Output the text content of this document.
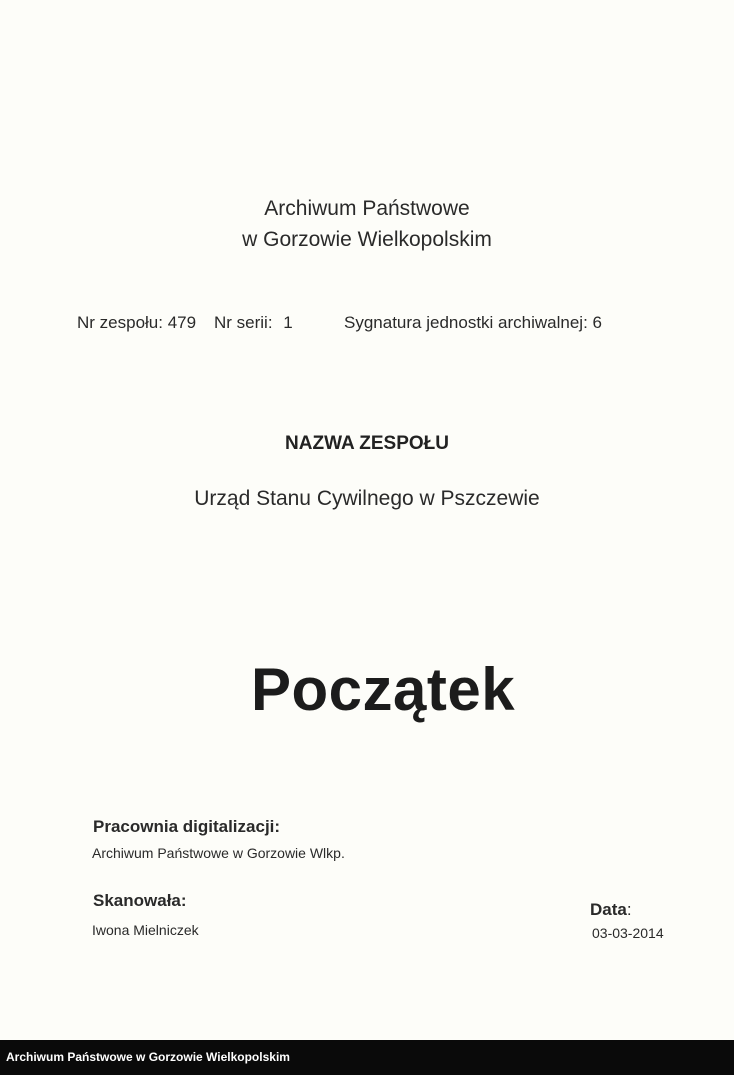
Archiwum Państwowe
w Gorzowie Wielkopolskim
Nr zespołu: 479 Nr serii: 1	Sygnatura jednostki archiwalnej: 6
NAZWA ZESPOŁU
Urząd Stanu Cywilnego w Pszczewie
Początek
Pracownia digitalizacji:
Archiwum Państwowe w Gorzowie Wlkp.
Skanowała:
Iwona Mielniczek
Data:
03-03-2014
Archiwum Państwowe w Gorzowie Wielkopolskim
